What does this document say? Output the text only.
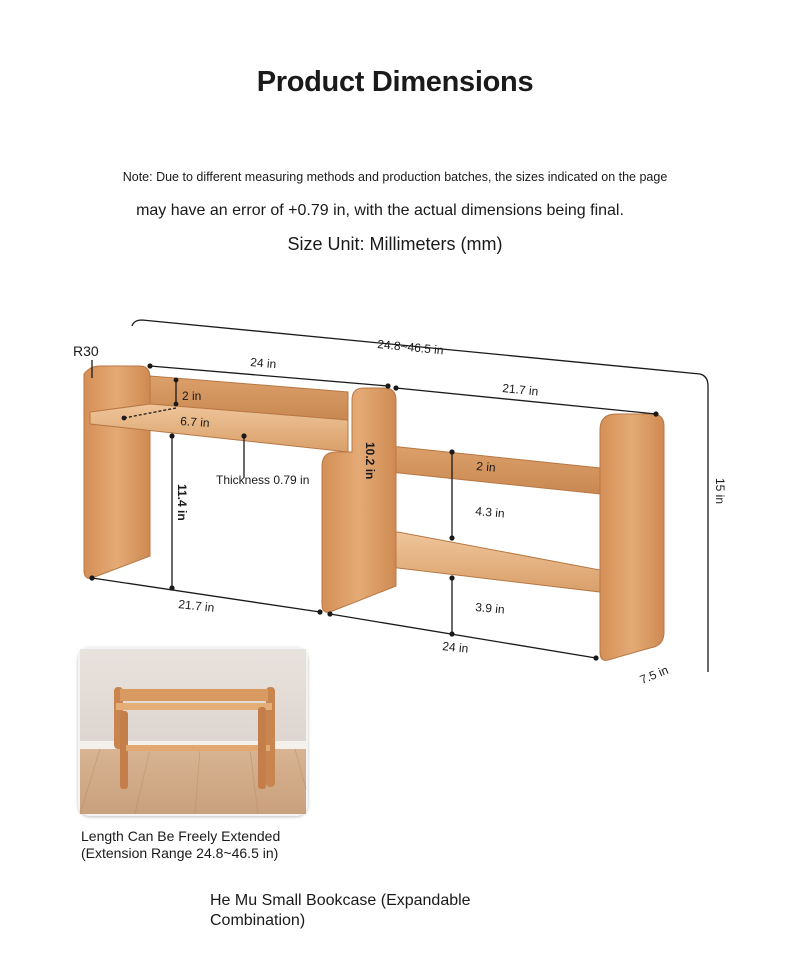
Product Dimensions
Note: Due to different measuring methods and production batches, the sizes indicated on the page
may have an error of +0.79 in, with the actual dimensions being final.
Size Unit: Millimeters (mm)
R30	24.8~46.5 in
24 in
21.7 in
2 in
6.7 in
Thickness 0.79 in
11.4 in
10.2 in	2 in
4.3 in
3.9 in
21.7 in
24 in
15 in
7.5 in
Length Can Be Freely Extended
(Extension Range 24.8~46.5 in)
He Mu Small Bookcase (Expandable
Combination)
